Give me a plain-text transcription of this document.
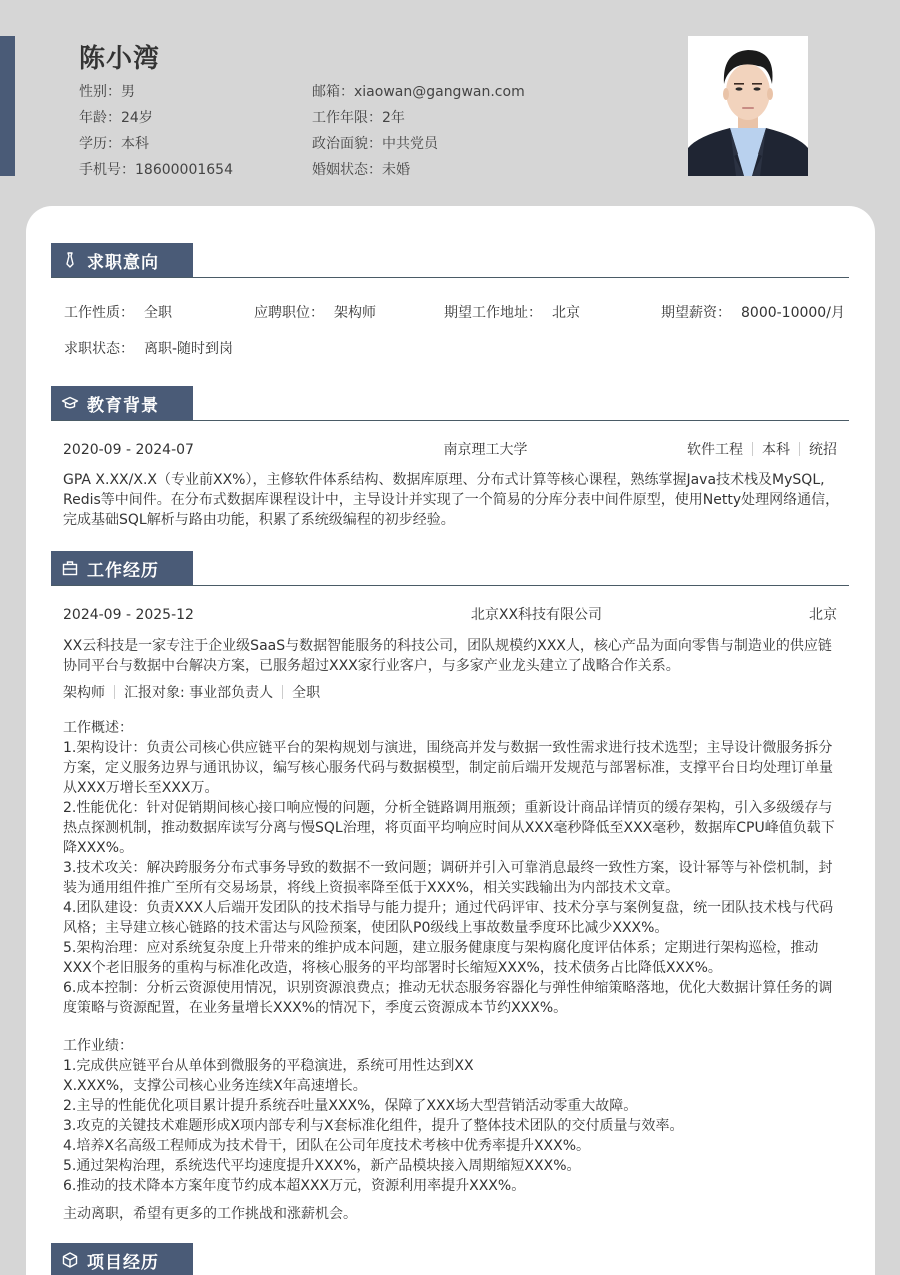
陈小湾
性别：男
年龄：24岁
学历：本科
手机号：18600001654
邮箱：xiaowan@gangwan.com
工作年限：2年
政治面貌：中共党员
婚姻状态：未婚
求职意向
工作性质： 全职	应聘职位： 架构师	期望工作地址： 北京	期望薪资： 8000-10000/月
求职状态： 离职-随时到岗
教育背景
2020-09 - 2024-07	南京理工大学	软件工程 本科 统招
GPA X.XX/X.X（专业前XX%），主修软件体系结构、数据库原理、分布式计算等核心课程，熟练掌握Java技术栈及MySQL,
Redis等中间件。在分布式数据库课程设计中，主导设计并实现了一个简易的分库分表中间件原型，使用Netty处理网络通信，
完成基础SQL解析与路由功能，积累了系统级编程的初步经验。
工作经历
2024-09 - 2025-12	北京XX科技有限公司	北京
XX云科技是一家专注于企业级SaaS与数据智能服务的科技公司，团队规模约XXX人，核心产品为面向零售与制造业的供应链
协同平台与数据中台解决方案，已服务超过XXX家行业客户，与多家产业龙头建立了战略合作关系。
架构师 汇报对象: 事业部负责人 全职
工作概述：
1.架构设计：负责公司核心供应链平台的架构规划与演进，围绕高并发与数据一致性需求进行技术选型；主导设计微服务拆分
方案，定义服务边界与通讯协议，编写核心服务代码与数据模型，制定前后端开发规范与部署标准，支撑平台日均处理订单量
从XXX万增长至XXX万。
2.性能优化：针对促销期间核心接口响应慢的问题，分析全链路调用瓶颈；重新设计商品详情页的缓存架构，引入多级缓存与
热点探测机制，推动数据库读写分离与慢SQL治理，将页面平均响应时间从XXX毫秒降低至XXX毫秒，数据库CPU峰值负载下
降XXX%。
3.技术攻关：解决跨服务分布式事务导致的数据不一致问题；调研并引入可靠消息最终一致性方案，设计幂等与补偿机制，封
装为通用组件推广至所有交易场景，将线上资损率降至低于XXX%，相关实践输出为内部技术文章。
4.团队建设：负责XXX人后端开发团队的技术指导与能力提升；通过代码评审、技术分享与案例复盘，统一团队技术栈与代码
风格；主导建立核心链路的技术雷达与风险预案，使团队P0级线上事故数量季度环比减少XXX%。
5.架构治理：应对系统复杂度上升带来的维护成本问题，建立服务健康度与架构腐化度评估体系；定期进行架构巡检，推动
XXX个老旧服务的重构与标准化改造，将核心服务的平均部署时长缩短XXX%，技术债务占比降低XXX%。
6.成本控制：分析云资源使用情况，识别资源浪费点；推动无状态服务容器化与弹性伸缩策略落地，优化大数据计算任务的调
度策略与资源配置，在业务量增长XXX%的情况下，季度云资源成本节约XXX%。
工作业绩：
1.完成供应链平台从单体到微服务的平稳演进，系统可用性达到XX
X.XXX%，支撑公司核心业务连续X年高速增长。
2.主导的性能优化项目累计提升系统吞吐量XXX%，保障了XXX场大型营销活动零重大故障。
3.攻克的关键技术难题形成X项内部专利与X套标准化组件，提升了整体技术团队的交付质量与效率。
4.培养X名高级工程师成为技术骨干，团队在公司年度技术考核中优秀率提升XXX%。
5.通过架构治理，系统迭代平均速度提升XXX%，新产品模块接入周期缩短XXX%。
6.推动的技术降本方案年度节约成本超XXX万元，资源利用率提升XXX%。
主动离职，希望有更多的工作挑战和涨薪机会。
项目经历
